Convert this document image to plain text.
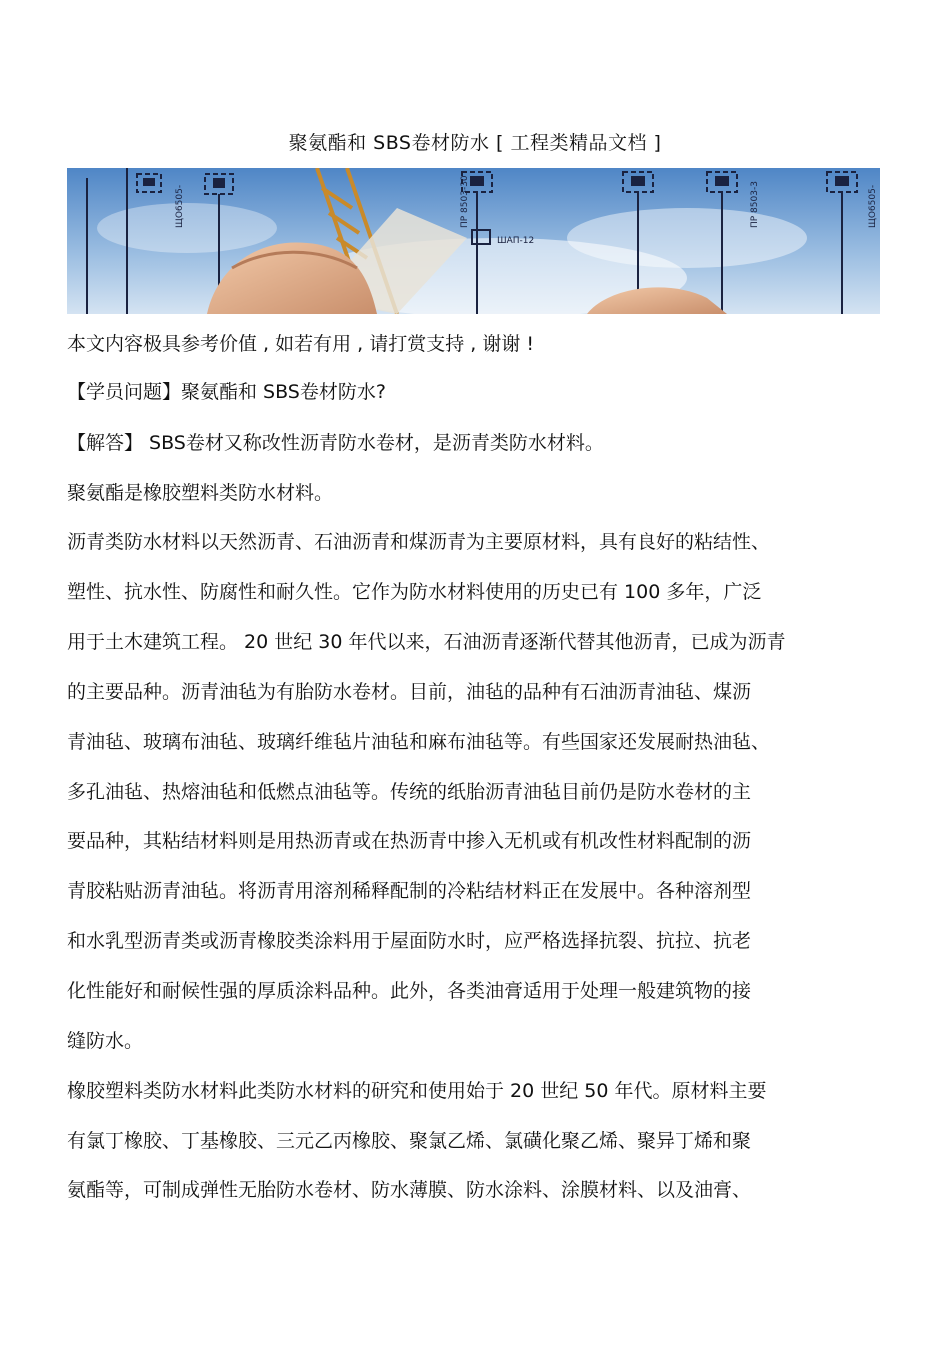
聚氨酯和 SBS卷材防水 [ 工程类精品文档 ]
ЩО6505-	ПР 8503-30
ШАП-12
ПР 8503-3	ЩО6505-
本文内容极具参考价值 , 如若有用 , 请打赏支持 , 谢谢 !
【学员问题】聚氨酯和 SBS卷材防水?
【解答】 SBS卷材又称改性沥青防水卷材，是沥青类防水材料。
聚氨酯是橡胶塑料类防水材料。
沥青类防水材料以天然沥青、石油沥青和煤沥青为主要原材料，具有良好的粘结性、
塑性、抗水性、防腐性和耐久性。它作为防水材料使用的历史已有 100 多年，广泛
用于土木建筑工程。 20 世纪 30 年代以来，石油沥青逐渐代替其他沥青，已成为沥青
的主要品种。沥青油毡为有胎防水卷材。目前，油毡的品种有石油沥青油毡、煤沥
青油毡、玻璃布油毡、玻璃纤维毡片油毡和麻布油毡等。有些国家还发展耐热油毡、
多孔油毡、热熔油毡和低燃点油毡等。传统的纸胎沥青油毡目前仍是防水卷材的主
要品种，其粘结材料则是用热沥青或在热沥青中掺入无机或有机改性材料配制的沥
青胶粘贴沥青油毡。将沥青用溶剂稀释配制的冷粘结材料正在发展中。各种溶剂型
和水乳型沥青类或沥青橡胶类涂料用于屋面防水时，应严格选择抗裂、抗拉、抗老
化性能好和耐候性强的厚质涂料品种。此外，各类油膏适用于处理一般建筑物的接
缝防水。
橡胶塑料类防水材料此类防水材料的研究和使用始于 20 世纪 50 年代。原材料主要
有氯丁橡胶、丁基橡胶、三元乙丙橡胶、聚氯乙烯、氯磺化聚乙烯、聚异丁烯和聚
氨酯等，可制成弹性无胎防水卷材、防水薄膜、防水涂料、涂膜材料、以及油膏、
